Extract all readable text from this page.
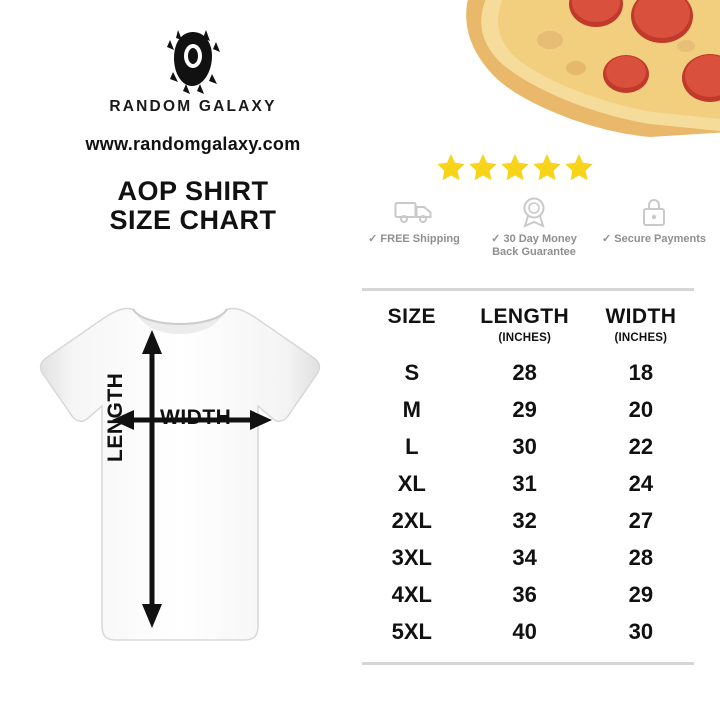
RANDOM GALAXY
www.randomgalaxy.com
AOP SHIRT
SIZE CHART
✓ FREE Shipping	✓ 30 Day Money Back Guarantee
✓ Secure Payments
WIDTH
LENGTH
SIZE	LENGTH	WIDTH
(INCHES)	(INCHES)
S	28	18
M	29	20
L	30	22
XL	31	24
2XL	32	27
3XL	34	28
4XL	36	29
5XL	40	30
